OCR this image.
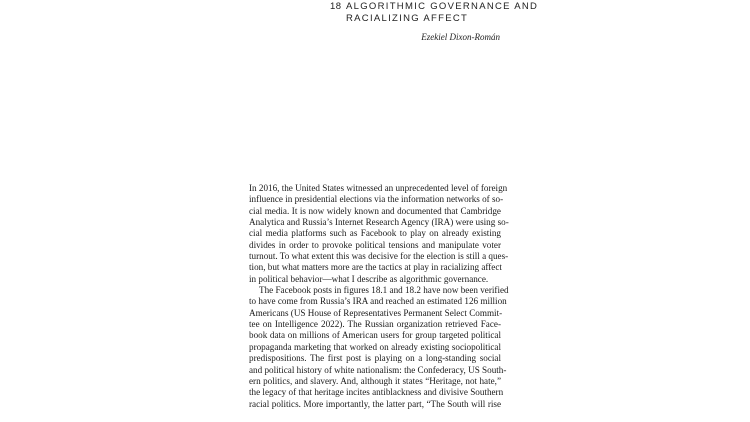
18 ALGORITHMIC GOVERNANCE AND
RACIALIZING AFFECT
Ezekiel Dixon-Román
In 2016, the United States witnessed an unprecedented level of foreign
influence in presidential elections via the information networks of so-
cial media. It is now widely known and documented that Cambridge
Analytica and Russia’s Internet Research Agency (IRA) were using so-
cial media platforms such as Facebook to play on already existing
divides in order to provoke political tensions and manipulate voter
turnout. To what extent this was decisive for the election is still a ques-
tion, but what matters more are the tactics at play in racializing affect
in political behavior—what I describe as algorithmic governance.
The Facebook posts in figures 18.1 and 18.2 have now been verified
to have come from Russia’s IRA and reached an estimated 126 million
Americans (US House of Representatives Permanent Select Commit-
tee on Intelligence 2022). The Russian organization retrieved Face-
book data on millions of American users for group targeted political
propaganda marketing that worked on already existing sociopolitical
predispositions. The first post is playing on a long-standing social
and political history of white nationalism: the Confederacy, US South-
ern politics, and slavery. And, although it states “Heritage, not hate,”
the legacy of that heritage incites antiblackness and divisive Southern
racial politics. More importantly, the latter part, “The South will rise
